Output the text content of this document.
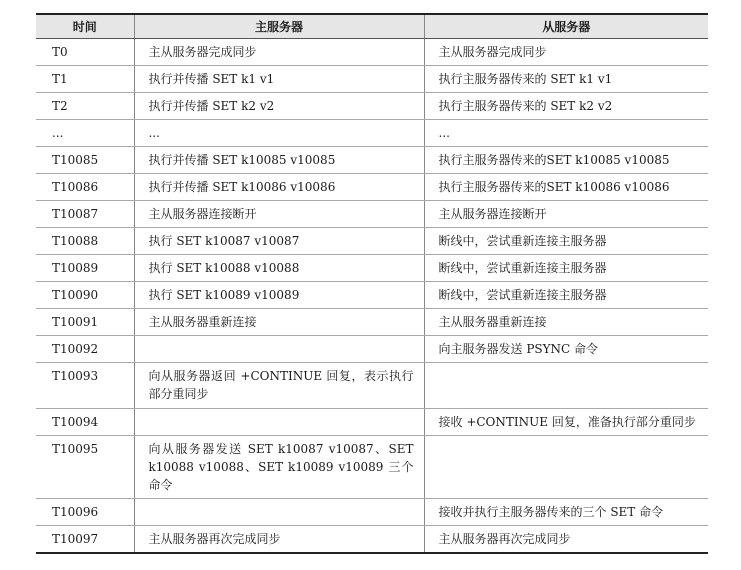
时间	主服务器	从服务器
T0	主从服务器完成同步	主从服务器完成同步
T1	执行并传播 SET k1 v1	执行主服务器传来的 SET k1 v1
T2	执行并传播 SET k2 v2	执行主服务器传来的 SET k2 v2
...	...	...
T10085	执行并传播 SET k10085 v10085	执行主服务器传来的SET k10085 v10085
T10086	执行并传播 SET k10086 v10086	执行主服务器传来的SET k10086 v10086
T10087	主从服务器连接断开	主从服务器连接断开
T10088	执行 SET k10087 v10087	断线中，尝试重新连接主服务器
T10089	执行 SET k10088 v10088	断线中，尝试重新连接主服务器
T10090	执行 SET k10089 v10089	断线中，尝试重新连接主服务器
T10091	主从服务器重新连接	主从服务器重新连接
T10092		向主服务器发送 PSYNC 命令
T10093	向从服务器返回 +CONTINUE 回复，表示执行部分重同步	
T10094		接收 +CONTINUE 回复，准备执行部分重同步
T10095	向从服务器发送 SET k10087 v10087、SET k10088 v10088、SET k10089 v10089 三个命令	
T10096		接收并执行主服务器传来的三个 SET 命令
T10097	主从服务器再次完成同步	主从服务器再次完成同步
